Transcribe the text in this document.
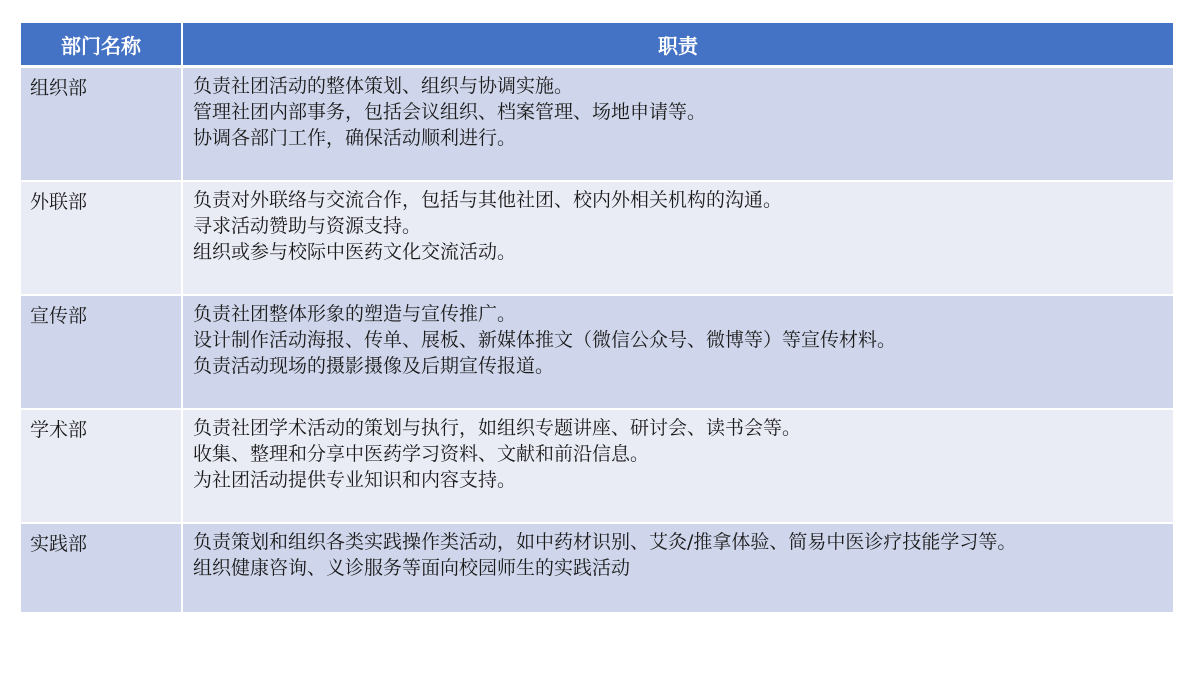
部门名称	职责
组织部	负责社团活动的整体策划、组织与协调实施。
管理社团内部事务，包括会议组织、档案管理、场地申请等。
协调各部门工作，确保活动顺利进行。

外联部	负责对外联络与交流合作，包括与其他社团、校内外相关机构的沟通。
寻求活动赞助与资源支持。
组织或参与校际中医药文化交流活动。

宣传部	负责社团整体形象的塑造与宣传推广。
设计制作活动海报、传单、展板、新媒体推文（微信公众号、微博等）等宣传材料。
负责活动现场的摄影摄像及后期宣传报道。

学术部	负责社团学术活动的策划与执行，如组织专题讲座、研讨会、读书会等。
收集、整理和分享中医药学习资料、文献和前沿信息。
为社团活动提供专业知识和内容支持。

实践部	负责策划和组织各类实践操作类活动，如中药材识别、艾灸/推拿体验、简易中医诊疗技能学习等。
组织健康咨询、义诊服务等面向校园师生的实践活动
